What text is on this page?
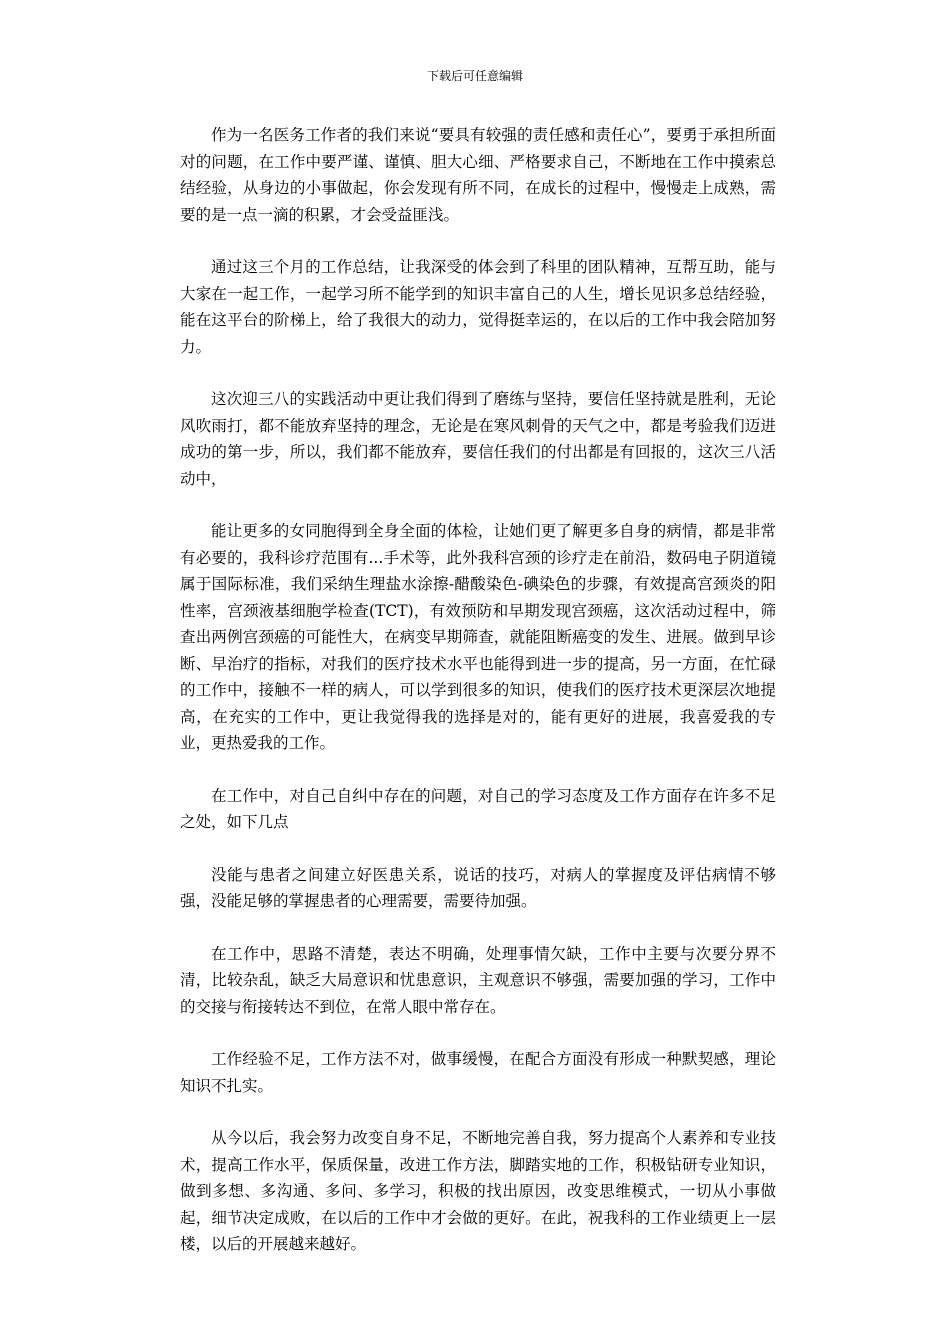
下载后可任意编辑

作为一名医务工作者的我们来说“要具有较强的责任感和责任心”，要勇于承担所面对的问题，在工作中要严谨、谨慎、胆大心细、严格要求自己，不断地在工作中摸索总结经验，从身边的小事做起，你会发现有所不同，在成长的过程中，慢慢走上成熟，需要的是一点一滴的积累，才会受益匪浅。

通过这三个月的工作总结，让我深受的体会到了科里的团队精神，互帮互助，能与大家在一起工作，一起学习所不能学到的知识丰富自己的人生，增长见识多总结经验，能在这平台的阶梯上，给了我很大的动力，觉得挺幸运的，在以后的工作中我会陪加努力。

这次迎三八的实践活动中更让我们得到了磨练与坚持，要信任坚持就是胜利，无论风吹雨打，都不能放弃坚持的理念，无论是在寒风刺骨的天气之中，都是考验我们迈进成功的第一步，所以，我们都不能放弃，要信任我们的付出都是有回报的，这次三八活动中，

能让更多的女同胞得到全身全面的体检，让她们更了解更多自身的病情，都是非常有必要的，我科诊疗范围有...手术等，此外我科宫颈的诊疗走在前沿，数码电子阴道镜属于国际标准，我们采纳生理盐水涂擦-醋酸染色-碘染色的步骤，有效提高宫颈炎的阳性率，宫颈液基细胞学检查(TCT)，有效预防和早期发现宫颈癌，这次活动过程中，筛查出两例宫颈癌的可能性大，在病变早期筛查，就能阻断癌变的发生、进展。做到早诊断、早治疗的指标，对我们的医疗技术水平也能得到进一步的提高，另一方面，在忙碌的工作中，接触不一样的病人，可以学到很多的知识，使我们的医疗技术更深层次地提高，在充实的工作中，更让我觉得我的选择是对的，能有更好的进展，我喜爱我的专业，更热爱我的工作。

在工作中，对自己自纠中存在的问题，对自己的学习态度及工作方面存在许多不足之处，如下几点

没能与患者之间建立好医患关系，说话的技巧，对病人的掌握度及评估病情不够强，没能足够的掌握患者的心理需要，需要待加强。

在工作中，思路不清楚，表达不明确，处理事情欠缺，工作中主要与次要分界不清，比较杂乱，缺乏大局意识和忧患意识，主观意识不够强，需要加强的学习，工作中的交接与衔接转达不到位，在常人眼中常存在。

工作经验不足，工作方法不对，做事缓慢，在配合方面没有形成一种默契感，理论知识不扎实。

从今以后，我会努力改变自身不足，不断地完善自我，努力提高个人素养和专业技术，提高工作水平，保质保量，改进工作方法，脚踏实地的工作，积极钻研专业知识，做到多想、多沟通、多问、多学习，积极的找出原因，改变思维模式，一切从小事做起，细节决定成败，在以后的工作中才会做的更好。在此，祝我科的工作业绩更上一层楼，以后的开展越来越好。
